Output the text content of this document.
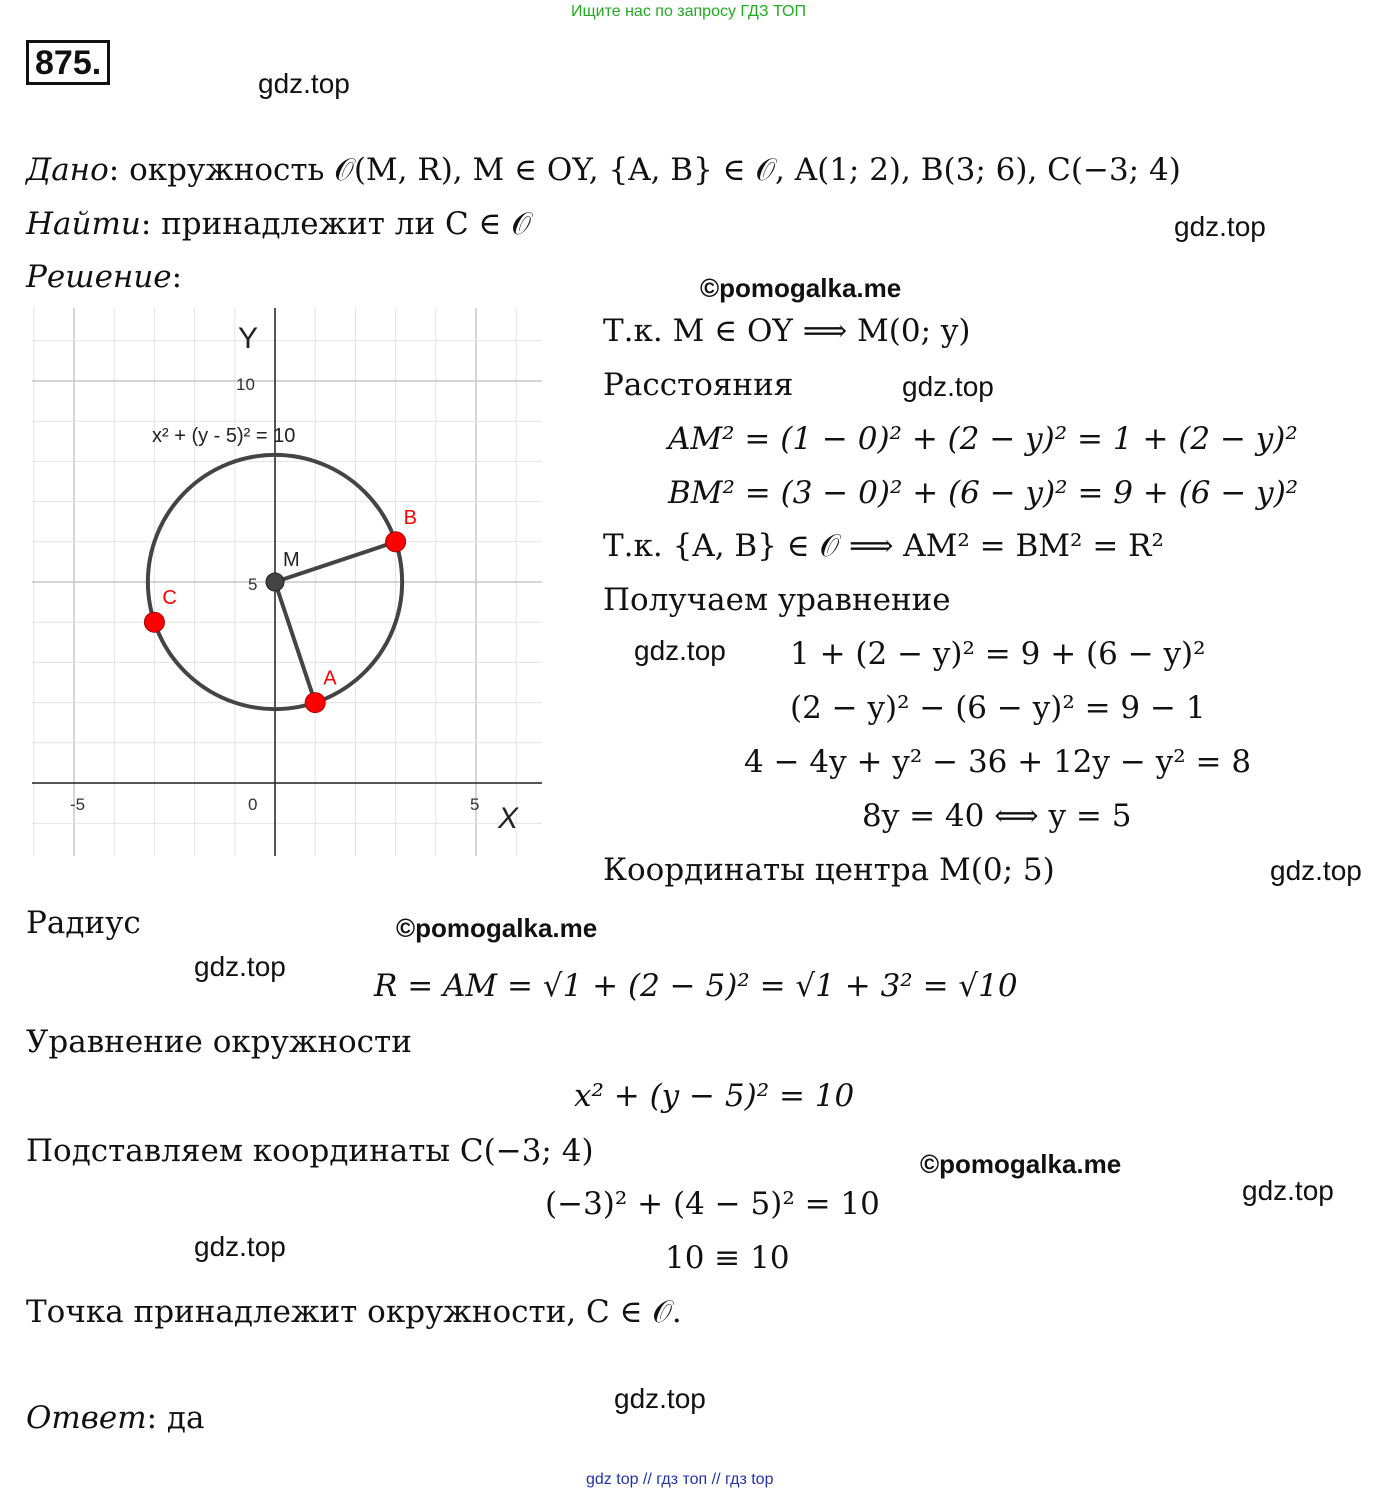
Ищите нас по запросу ГДЗ ТОП
875.
gdz.top
gdz.top
©pomogalka.me
gdz.top
gdz.top
gdz.top
©pomogalka.me
gdz.top
©pomogalka.me
gdz.top
gdz.top
gdz.top
Дано: окружность 𝒪(M, R), M ∈ OY, {A, B} ∈ 𝒪, A(1; 2), B(3; 6), C(−3; 4)
Найти: принадлежит ли C ∈ 𝒪
Решение:
Y
X
10
5
-5	0	5
x² + (y - 5)² = 10
A
B
C
M
Т.к. M ∈ OY ⟹ M(0; y)
Расстояния
AM² = (1 − 0)² + (2 − y)² = 1 + (2 − y)²
BM² = (3 − 0)² + (6 − y)² = 9 + (6 − y)²
Т.к. {A, B} ∈ 𝒪 ⟹ AM² = BM² = R²
Получаем уравнение
1 + (2 − y)² = 9 + (6 − y)²
(2 − y)² − (6 − y)² = 9 − 1
4 − 4y + y² − 36 + 12y − y² = 8
8y = 40 ⟺ y = 5
Координаты центра M(0; 5)
Радиус
R = AM = √1 + (2 − 5)² = √1 + 3² = √10
Уравнение окружности
x² + (y − 5)² = 10
Подставляем координаты C(−3; 4)
(−3)² + (4 − 5)² = 10
10 ≡ 10
Точка принадлежит окружности, C ∈ 𝒪.
Ответ: да
gdz top // гдз топ // гдз top
